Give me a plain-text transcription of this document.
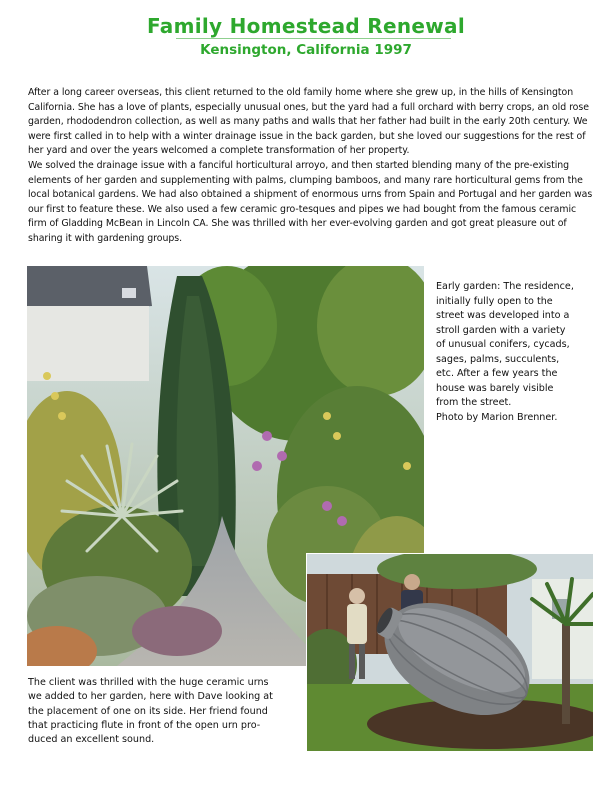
Family Homestead Renewal
Kensington, California 1997

After a long career overseas, this client returned to the old family home where she grew up, in the hills of Kensington California. She has a love of plants, especially unusual ones, but the yard had a full orchard with berry crops, an old rose garden, rhododendron collection, as well as many paths and walls that her father had built in the early 20th century. We were first called in to help with a winter drainage issue in the back garden, but she loved our suggestions for the rest of her yard and over the years welcomed a complete transformation of her property.

We solved the drainage issue with a fanciful horticultural arroyo, and then started blending many of the pre-existing elements of her garden and supplementing with palms, clumping bamboos, and many rare horticultural gems from the local botanical gardens. We had also obtained a shipment of enormous urns from Spain and Portugal and her garden was our first to feature these. We also used a few ceramic gro-tesques and pipes we had bought from the famous ceramic firm of Gladding McBean in Lincoln CA. She was thrilled with her ever-evolving garden and got great pleasure out of sharing it with gardening groups.

Early garden: The residence,
initially fully open to the
street was developed into a
stroll garden with a variety
of unusual conifers, cycads,
sages, palms, succulents,
etc. After a few years the
house was barely visible
from the street.
Photo by Marion Brenner.
The client was thrilled with the huge ceramic urns
we added to her garden, here with Dave looking at
the placement of one on its side. Her friend found
that practicing flute in front of the open urn pro-
duced an excellent sound.
